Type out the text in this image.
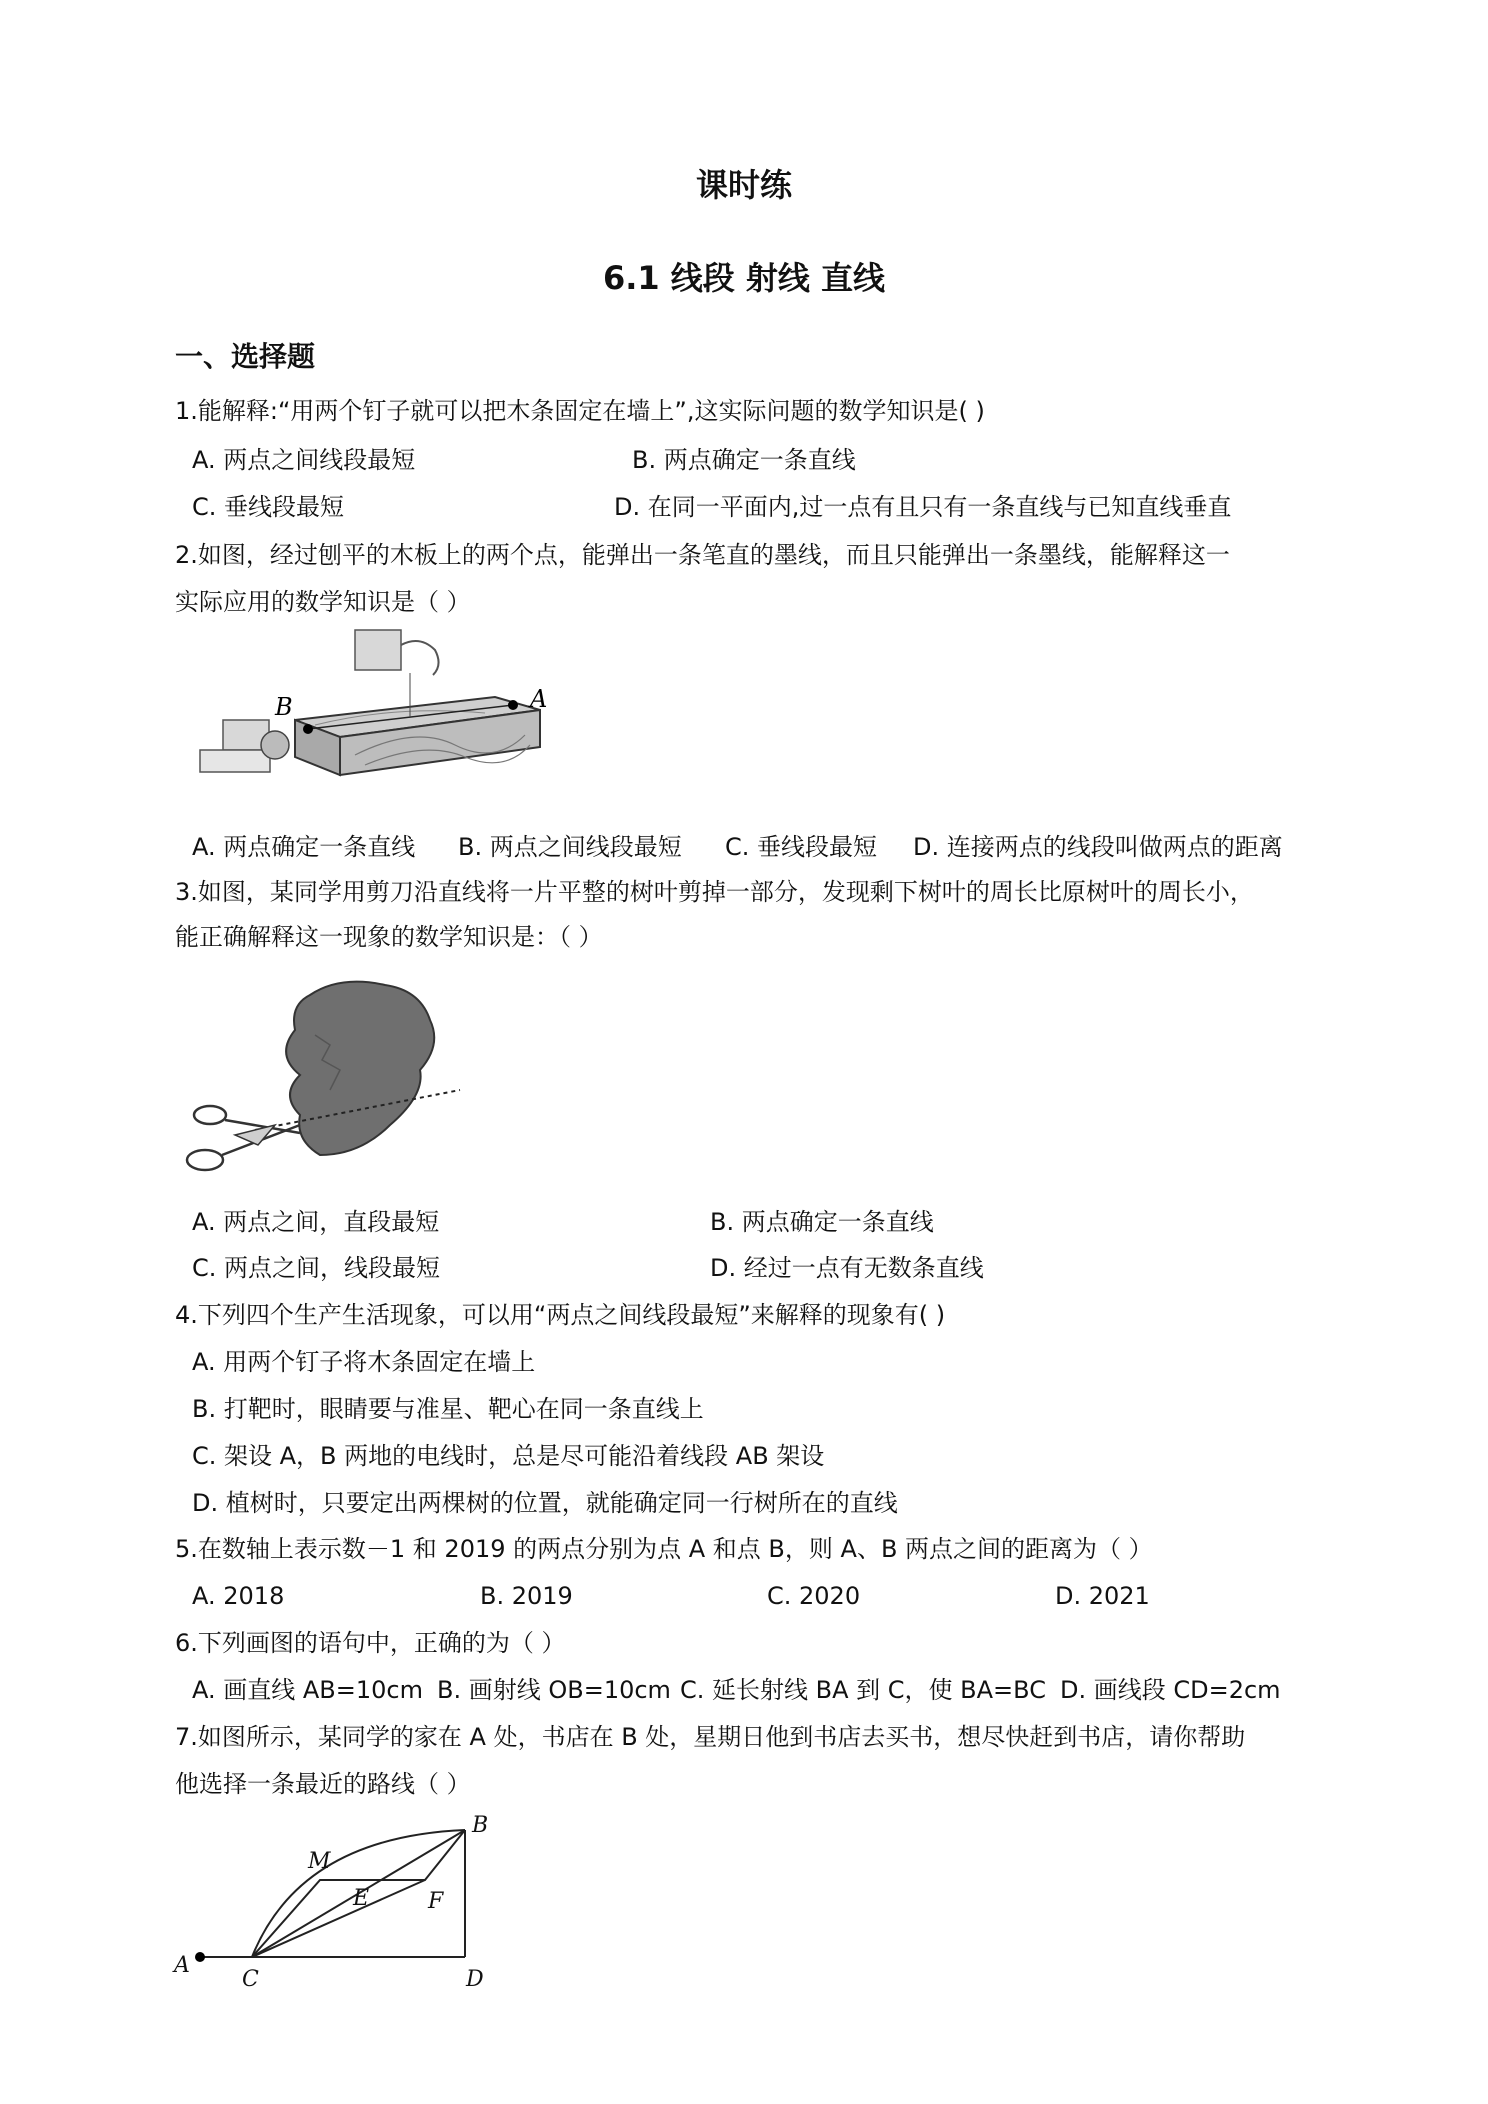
课时练
6.1 线段 射线 直线
一、选择题
1.能解释:“用两个钉子就可以把木条固定在墙上”,这实际问题的数学知识是( )
A. 两点之间线段最短	B. 两点确定一条直线
C. 垂线段最短	D. 在同一平面内,过一点有且只有一条直线与已知直线垂直
2.如图，经过刨平的木板上的两个点，能弹出一条笔直的墨线，而且只能弹出一条墨线，能解释这一
实际应用的数学知识是（ ）
B	A
A. 两点确定一条直线 B. 两点之间线段最短 C. 垂线段最短 D. 连接两点的线段叫做两点的距离
3.如图，某同学用剪刀沿直线将一片平整的树叶剪掉一部分，发现剩下树叶的周长比原树叶的周长小，
能正确解释这一现象的数学知识是：（ ）
A. 两点之间，直段最短	B. 两点确定一条直线
C. 两点之间，线段最短	D. 经过一点有无数条直线
4.下列四个生产生活现象，可以用“两点之间线段最短”来解释的现象有( )
A. 用两个钉子将木条固定在墙上
B. 打靶时，眼睛要与准星、靶心在同一条直线上
C. 架设 A，B 两地的电线时，总是尽可能沿着线段 AB 架设
D. 植树时，只要定出两棵树的位置，就能确定同一行树所在的直线
5.在数轴上表示数－1 和 2019 的两点分别为点 A 和点 B，则 A、B 两点之间的距离为（ ）
A. 2018	B. 2019	C. 2020	D. 2021
6.下列画图的语句中，正确的为（ ）
A. 画直线 AB=10cm B. 画射线 OB=10cm C. 延长射线 BA 到 C，使 BA=BC D. 画线段 CD=2cm
7.如图所示，某同学的家在 A 处，书店在 B 处，星期日他到书店去买书，想尽快赶到书店，请你帮助
他选择一条最近的路线（ ）
A
C	D
B
M
E	F
